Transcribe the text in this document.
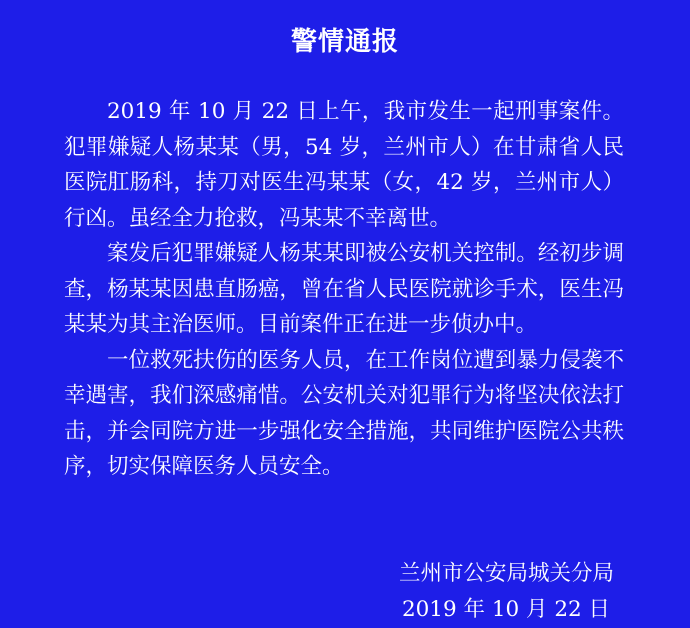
警情通报

2019 年 10 月 22 日上午，我市发生一起刑事案件。犯罪嫌疑人杨某某（男，54 岁，兰州市人）在甘肃省人民医院肛肠科，持刀对医生冯某某（女，42 岁，兰州市人）行凶。虽经全力抢救，冯某某不幸离世。

案发后犯罪嫌疑人杨某某即被公安机关控制。经初步调查，杨某某因患直肠癌，曾在省人民医院就诊手术，医生冯某某为其主治医师。目前案件正在进一步侦办中。

一位救死扶伤的医务人员，在工作岗位遭到暴力侵袭不幸遇害，我们深感痛惜。公安机关对犯罪行为将坚决依法打击，并会同院方进一步强化安全措施，共同维护医院公共秩序，切实保障医务人员安全。

兰州市公安局城关分局
2019 年 10 月 22 日
